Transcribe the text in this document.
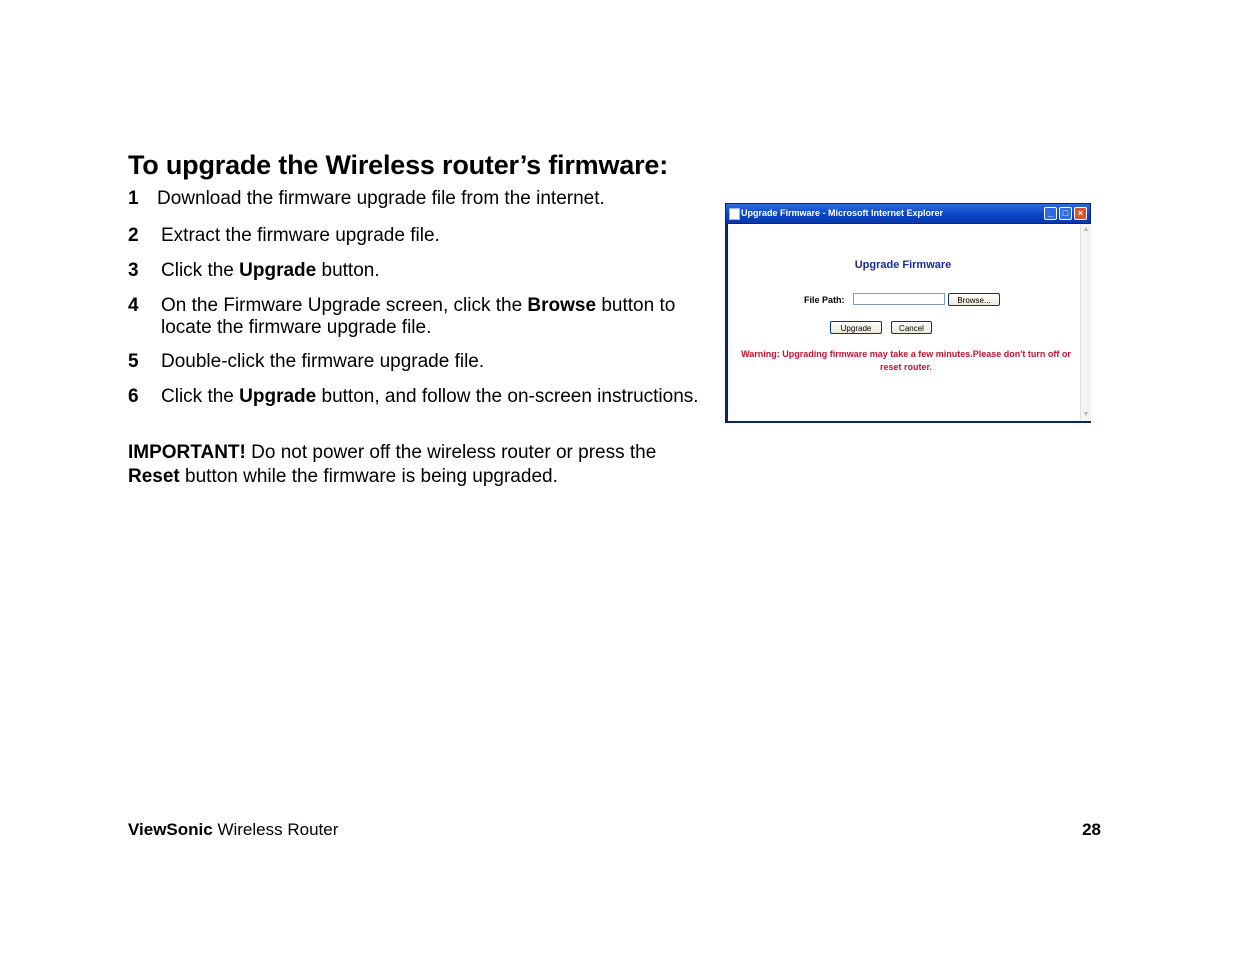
To upgrade the Wireless router’s firmware:
1 Download the firmware upgrade file from the internet.
2 Extract the firmware upgrade file.
3 Click the Upgrade button.
4 On the Firmware Upgrade screen, click the Browse button to locate the firmware upgrade file.
5 Double-click the firmware upgrade file.
6 Click the Upgrade button, and follow the on-screen instructions.
IMPORTANT! Do not power off the wireless router or press the Reset button while the firmware is being upgraded.
Upgrade Firmware - Microsoft Internet Explorer	_	□	×
Upgrade Firmware
File Path:	Browse...
Upgrade	Cancel
Warning: Upgrading firmware may take a few minutes.Please don't turn off or reset router.
▲
▼
ViewSonic Wireless Router	28
